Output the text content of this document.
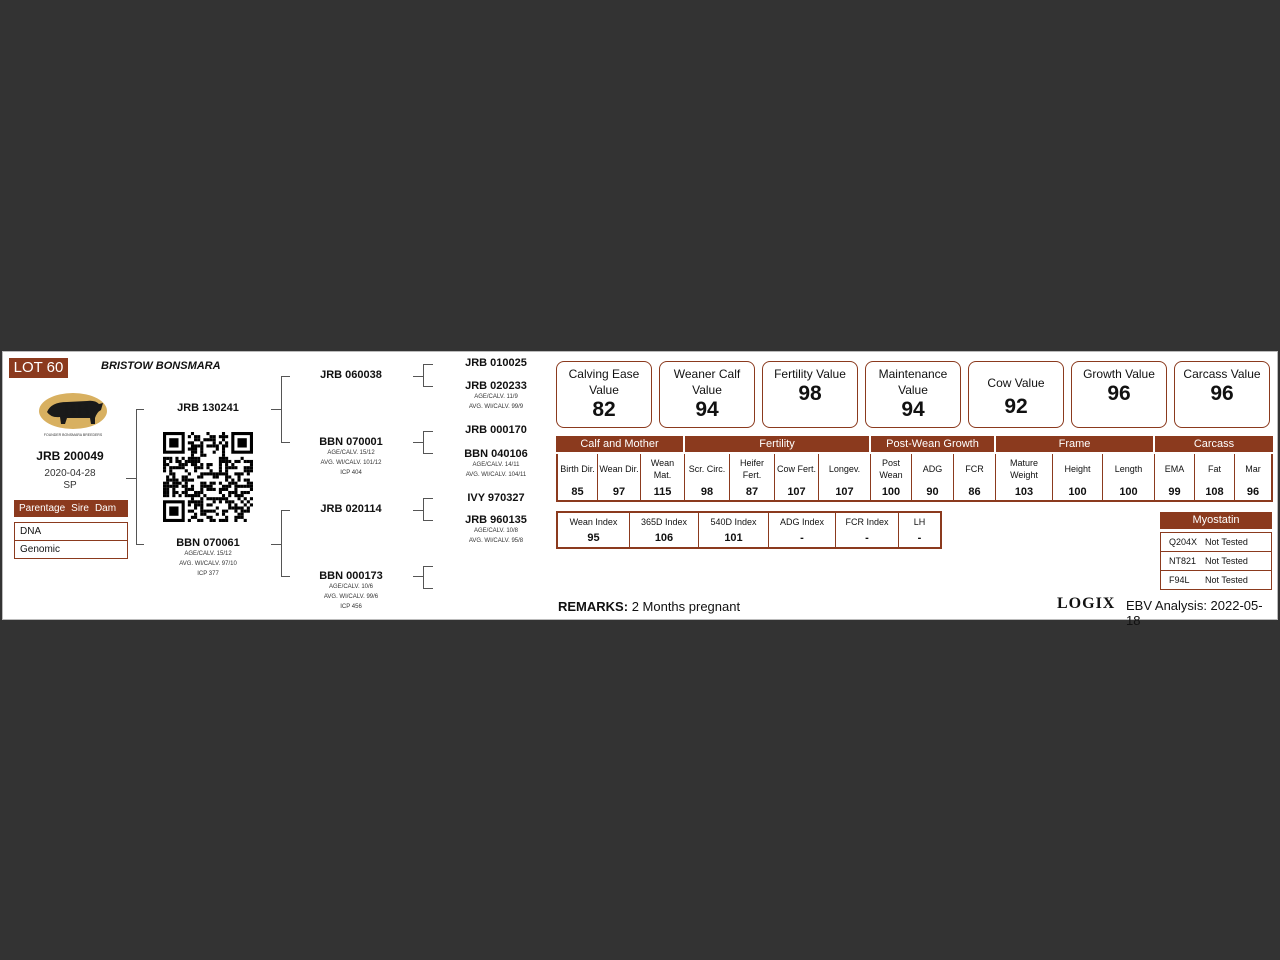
LOT 60	BRISTOW BONSMARA
BB
FOUNDER BONSMARA BREEDERS
JRB 200049
2020-04-28
SP
Parentage Sire Dam
DNA
Genomic
JRB 130241
BBN 070061
AGE/CALV. 15/12
AVG. WI/CALV. 97/10
ICP 377
JRB 060038
BBN 070001
AGE/CALV. 15/12
AVG. WI/CALV. 101/12
ICP 404
JRB 020114
BBN 000173
AGE/CALV. 10/6
AVG. WI/CALV. 99/6
ICP 456
JRB 010025
JRB 020233
AGE/CALV. 11/9
AVG. WI/CALV. 99/9
JRB 000170
BBN 040106
AGE/CALV. 14/11
AVG. WI/CALV. 104/11
IVY 970327
JRB 960135
AGE/CALV. 10/8
AVG. WI/CALV. 95/8
Calving Ease Value
82
Weaner Calf Value
94
Fertility Value
98
Maintenance Value
94
Cow Value
92
Growth Value
96
Carcass Value
96
Calf and Mother	Fertility	Post-Wean Growth	Frame	Carcass
Birth Dir.
85
Wean Dir.
97
Wean Mat.
115
Scr. Circ.
98
Heifer Fert.
87
Cow Fert.
107
Longev.
107
Post Wean
100
ADG
90
FCR
86
Mature Weight
103
Height
100
Length
100
EMA
99
Fat
108
Mar
96
Wean Index
95
365D Index
106
540D Index
101
ADG Index
-
FCR Index
-
LH
-
Myostatin
Q204X Not Tested
NT821 Not Tested
F94L	Not Tested
REMARKS: 2 Months pregnant	LOGIX EBV Analysis: 2022-05-18
